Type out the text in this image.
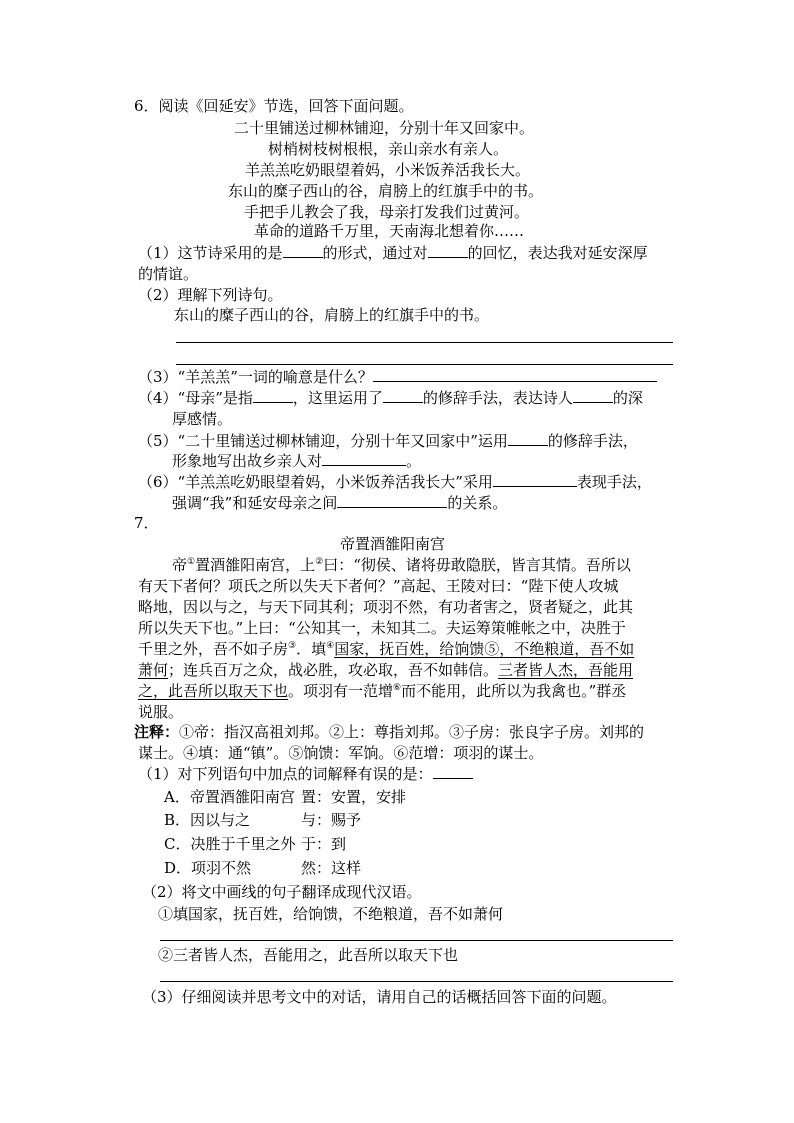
6．阅读《回延安》节选，回答下面问题。
二十里铺送过柳林铺迎，分别十年又回家中。
树梢树枝树根根，亲山亲水有亲人。
羊羔羔吃奶眼望着妈，小米饭养活我长大。
东山的糜子西山的谷，肩膀上的红旗手中的书。
手把手儿教会了我，母亲打发我们过黄河。
革命的道路千万里，天南海北想着你……
（1）这节诗采用的是	的形式，通过对	的回忆，表达我对延安深厚
的情谊。
（2）理解下列诗句。
东山的糜子西山的谷，肩膀上的红旗手中的书。
（3）“羊羔羔”一词的喻意是什么？
（4）“母亲”是指	，这里运用了	的修辞手法，表达诗人	的深
厚感情。
（5）“二十里铺送过柳林铺迎，分别十年又回家中”运用	的修辞手法，
形象地写出故乡亲人对	。
（6）“羊羔羔吃奶眼望着妈，小米饭养活我长大”采用	表现手法，
强调“我”和延安母亲之间	的关系。
7．
帝置酒雒阳南宫
帝①置酒雒阳南宫，上②曰：“彻侯、诸将毋敢隐朕，皆言其情。吾所以
有天下者何？项氏之所以失天下者何？”高起、王陵对曰：“陛下使人攻城
略地，因以与之，与天下同其利；项羽不然，有功者害之，贤者疑之，此其
所以失天下也。”上曰：“公知其一，未知其二。夫运筹策帷帐之中，决胜于
千里之外，吾不如子房③．填④国家，抚百姓，给饷馈⑤，不绝粮道，吾不如
萧何；连兵百万之众，战必胜，攻必取，吾不如韩信。三者皆人杰，吾能用
之，此吾所以取天下也。项羽有一范增⑥而不能用，此所以为我禽也。”群丞
说服。
注释：①帝：指汉高祖刘邦。②上：尊指刘邦。③子房：张良字子房。刘邦的
谋士。④填：通“镇”。⑤饷馈：军饷。⑥范增：项羽的谋士。
（1）对下列语句中加点的词解释有误的是：
A．帝置酒雒阳南宫 置：安置，安排
B．因以与之	与：赐予
C．决胜于千里之外 于：到
D．项羽不然	然：这样
（2）将文中画线的句子翻译成现代汉语。
①填国家，抚百姓，给饷馈，不绝粮道，吾不如萧何
②三者皆人杰，吾能用之，此吾所以取天下也
（3）仔细阅读并思考文中的对话，请用自己的话概括回答下面的问题。
